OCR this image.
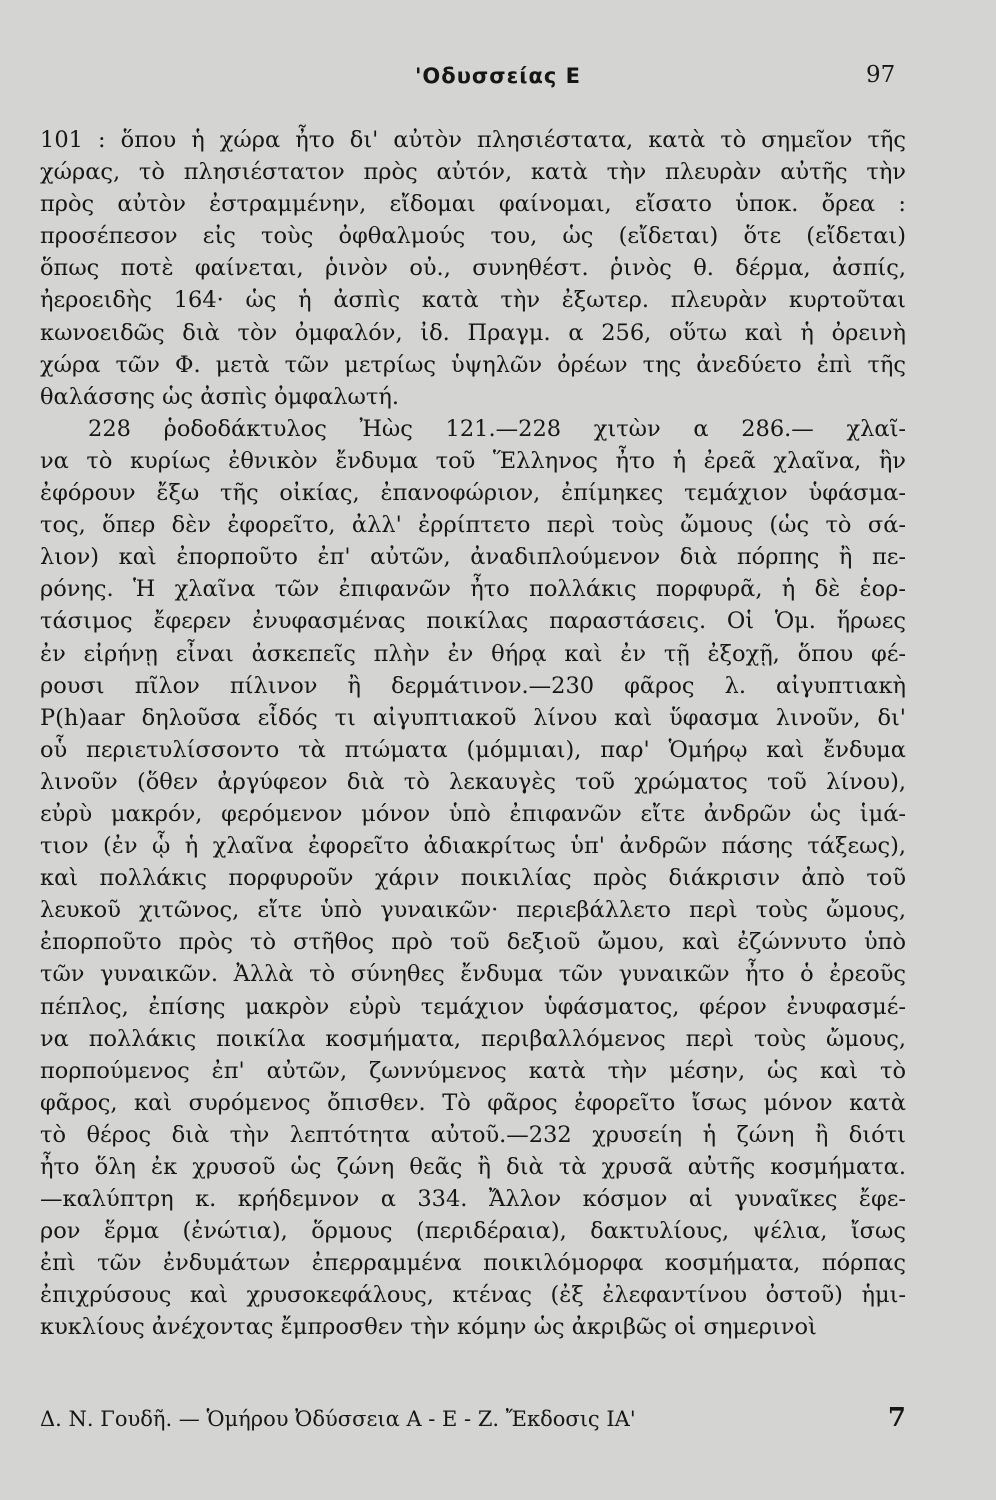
'Οδυσσείας Ε	97
101 : ὅπου ἡ χώρα ἦτο δι' αὐτὸν πλησιέστατα, κατὰ τὸ σημεῖον τῆς
χώρας, τὸ πλησιέστατον πρὸς αὐτόν, κατὰ τὴν πλευρὰν αὐτῆς τὴν
πρὸς αὐτὸν ἐστραμμένην, εἴδομαι φαίνομαι, εἴσατο ὑποκ. ὄρεα :
προσέπεσον εἰς τοὺς ὀφθαλμούς του, ὡς (εἴδεται) ὅτε (εἴδεται)
ὅπως ποτὲ φαίνεται, ῥινὸν οὐ., συνηθέστ. ῥινὸς θ. δέρμα, ἀσπίς,
ἠεροειδὴς 164· ὡς ἡ ἀσπὶς κατὰ τὴν ἐξωτερ. πλευρὰν κυρτοῦται
κωνοειδῶς διὰ τὸν ὀμφαλόν, ἰδ. Πραγμ. α 256, οὕτω καὶ ἡ ὀρεινὴ
χώρα τῶν Φ. μετὰ τῶν μετρίως ὑψηλῶν ὀρέων της ἀνεδύετο ἐπὶ τῆς
θαλάσσης ὡς ἀσπὶς ὀμφαλωτή.
228 ῥοδοδάκτυλος Ἠὼς 121.—228 χιτὼν α 286.— χλαῖ-
να τὸ κυρίως ἐθνικὸν ἔνδυμα τοῦ Ἕλληνος ἦτο ἡ ἐρεᾶ χλαῖνα, ἣν
ἐφόρουν ἔξω τῆς οἰκίας, ἐπανοφώριον, ἐπίμηκες τεμάχιον ὑφάσμα-
τος, ὅπερ δὲν ἐφορεῖτο, ἀλλ' ἐρρίπτετο περὶ τοὺς ὤμους (ὡς τὸ σά-
λιον) καὶ ἐπορποῦτο ἐπ' αὐτῶν, ἀναδιπλούμενον διὰ πόρπης ἢ πε-
ρόνης. Ἡ χλαῖνα τῶν ἐπιφανῶν ἦτο πολλάκις πορφυρᾶ, ἡ δὲ ἑορ-
τάσιμος ἔφερεν ἐνυφασμένας ποικίλας παραστάσεις. Οἱ Ὁμ. ἥρωες
ἐν εἰρήνῃ εἶναι ἀσκεπεῖς πλὴν ἐν θήρᾳ καὶ ἐν τῇ ἐξοχῇ, ὅπου φέ-
ρουσι πῖλον πίλινον ἢ δερμάτινον.—230 φᾶρος λ. αἰγυπτιακὴ
P(h)aar δηλοῦσα εἶδός τι αἰγυπτιακοῦ λίνου καὶ ὕφασμα λινοῦν, δι'
οὗ περιετυλίσσοντο τὰ πτώματα (μόμμιαι), παρ' Ὁμήρῳ καὶ ἔνδυμα
λινοῦν (ὅθεν ἀργύφεον διὰ τὸ λεκαυγὲς τοῦ χρώματος τοῦ λίνου),
εὐρὺ μακρόν, φερόμενον μόνον ὑπὸ ἐπιφανῶν εἴτε ἀνδρῶν ὡς ἱμά-
τιον (ἐν ᾧ ἡ χλαῖνα ἐφορεῖτο ἀδιακρίτως ὑπ' ἀνδρῶν πάσης τάξεως),
καὶ πολλάκις πορφυροῦν χάριν ποικιλίας πρὸς διάκρισιν ἀπὸ τοῦ
λευκοῦ χιτῶνος, εἴτε ὑπὸ γυναικῶν· περιεβάλλετο περὶ τοὺς ὤμους,
ἐπορποῦτο πρὸς τὸ στῆθος πρὸ τοῦ δεξιοῦ ὤμου, καὶ ἐζώννυτο ὑπὸ
τῶν γυναικῶν. Ἀλλὰ τὸ σύνηθες ἔνδυμα τῶν γυναικῶν ἦτο ὁ ἐρεοῦς
πέπλος, ἐπίσης μακρὸν εὐρὺ τεμάχιον ὑφάσματος, φέρον ἐνυφασμέ-
να πολλάκις ποικίλα κοσμήματα, περιβαλλόμενος περὶ τοὺς ὤμους,
πορπούμενος ἐπ' αὐτῶν, ζωννύμενος κατὰ τὴν μέσην, ὡς καὶ τὸ
φᾶρος, καὶ συρόμενος ὄπισθεν. Τὸ φᾶρος ἐφορεῖτο ἴσως μόνον κατὰ
τὸ θέρος διὰ τὴν λεπτότητα αὐτοῦ.—232 χρυσείη ἡ ζώνη ἢ διότι
ἦτο ὅλη ἐκ χρυσοῦ ὡς ζώνη θεᾶς ἢ διὰ τὰ χρυσᾶ αὐτῆς κοσμήματα.
—καλύπτρη κ. κρήδεμνον α 334. Ἄλλον κόσμον αἱ γυναῖκες ἔφε-
ρον ἕρμα (ἐνώτια), ὅρμους (περιδέραια), δακτυλίους, ψέλια, ἴσως
ἐπὶ τῶν ἐνδυμάτων ἐπερραμμένα ποικιλόμορφα κοσμήματα, πόρπας
ἐπιχρύσους καὶ χρυσοκεφάλους, κτένας (ἐξ ἐλεφαντίνου ὀστοῦ) ἡμι-
κυκλίους ἀνέχοντας ἔμπροσθεν τὴν κόμην ὡς ἀκριβῶς οἱ σημερινοὶ
Δ. Ν. Γουδῆ. — Ὁμήρου Ὀδύσσεια Α - Ε - Ζ. Ἔκδοσις ΙΑ'	7
